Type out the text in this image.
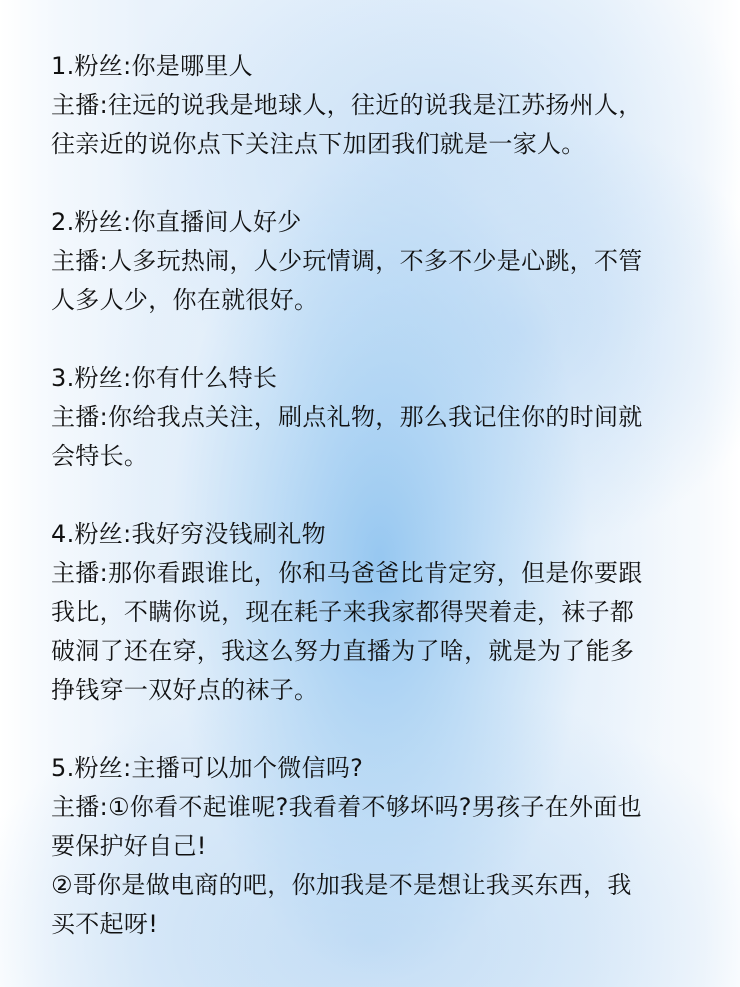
1.粉丝:你是哪里人
主播:往远的说我是地球人，往近的说我是江苏扬州人，
往亲近的说你点下关注点下加团我们就是一家人。
2.粉丝:你直播间人好少
主播:人多玩热闹，人少玩情调，不多不少是心跳，不管
人多人少，你在就很好。
3.粉丝:你有什么特长
主播:你给我点关注，刷点礼物，那么我记住你的时间就
会特长。
4.粉丝:我好穷没钱刷礼物
主播:那你看跟谁比，你和马爸爸比肯定穷，但是你要跟
我比，不瞒你说，现在耗子来我家都得哭着走，袜子都
破洞了还在穿，我这么努力直播为了啥，就是为了能多
挣钱穿一双好点的袜子。
5.粉丝:主播可以加个微信吗?
主播:①你看不起谁呢?我看着不够坏吗?男孩子在外面也
要保护好自己!
②哥你是做电商的吧，你加我是不是想让我买东西，我
买不起呀!
